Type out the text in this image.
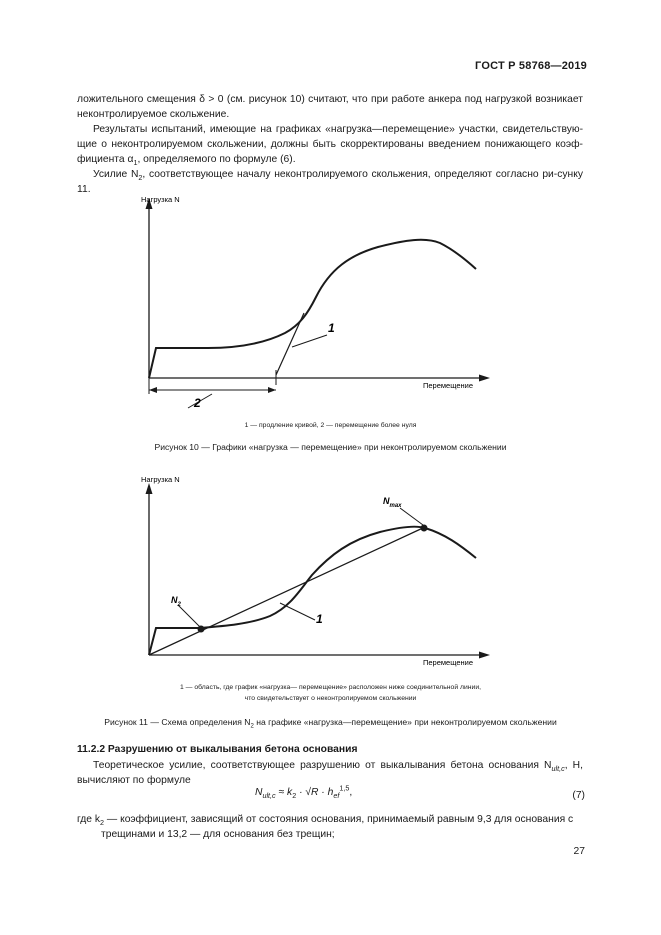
ГОСТ Р 58768—2019
ложительного смещения δ > 0 (см. рисунок 10) считают, что при работе анкера под нагрузкой возникает неконтролируемое скольжение.
Результаты испытаний, имеющие на графиках «нагрузка—перемещение» участки, свидетельствую-щие о неконтролируемом скольжении, должны быть скорректированы введением понижающего коэф-фициента $\alpha_1$, определяемого по формуле (6).
Усилие $N_2$, соответствующее началу неконтролируемого скольжения, определяют согласно ри-сунку 11.
Нагрузка N
Перемещение
1
2
1 — продление кривой, 2 — перемещение более нуля
Рисунок 10 — Графики «нагрузка — перемещение» при неконтролируемом скольжении
Нагрузка N
Перемещение
$N_{max}$
$N_2$
1
1 — область, где график «нагрузка— перемещение» расположен ниже соединительной линии,
что свидетельствует о неконтролируемом скольжении
Рисунок 11 — Схема определения $N_2$ на графике «нагрузка—перемещение» при неконтролируемом скольжении
11.2.2 Разрушению от выкалывания бетона основания
Теоретическое усилие, соответствующее разрушению от выкалывания бетона основания $N_{ult,c}$, Н, вычисляют по формуле
$N_{ult,c} \approx k_2 \cdot √R \cdot h_{ef}^{1,5}$,	(7)
где $k_2$ — коэффициент, зависящий от состояния основания, принимаемый равным 9,3 для основания с
трещинами и 13,2 — для основания без трещин;
27
